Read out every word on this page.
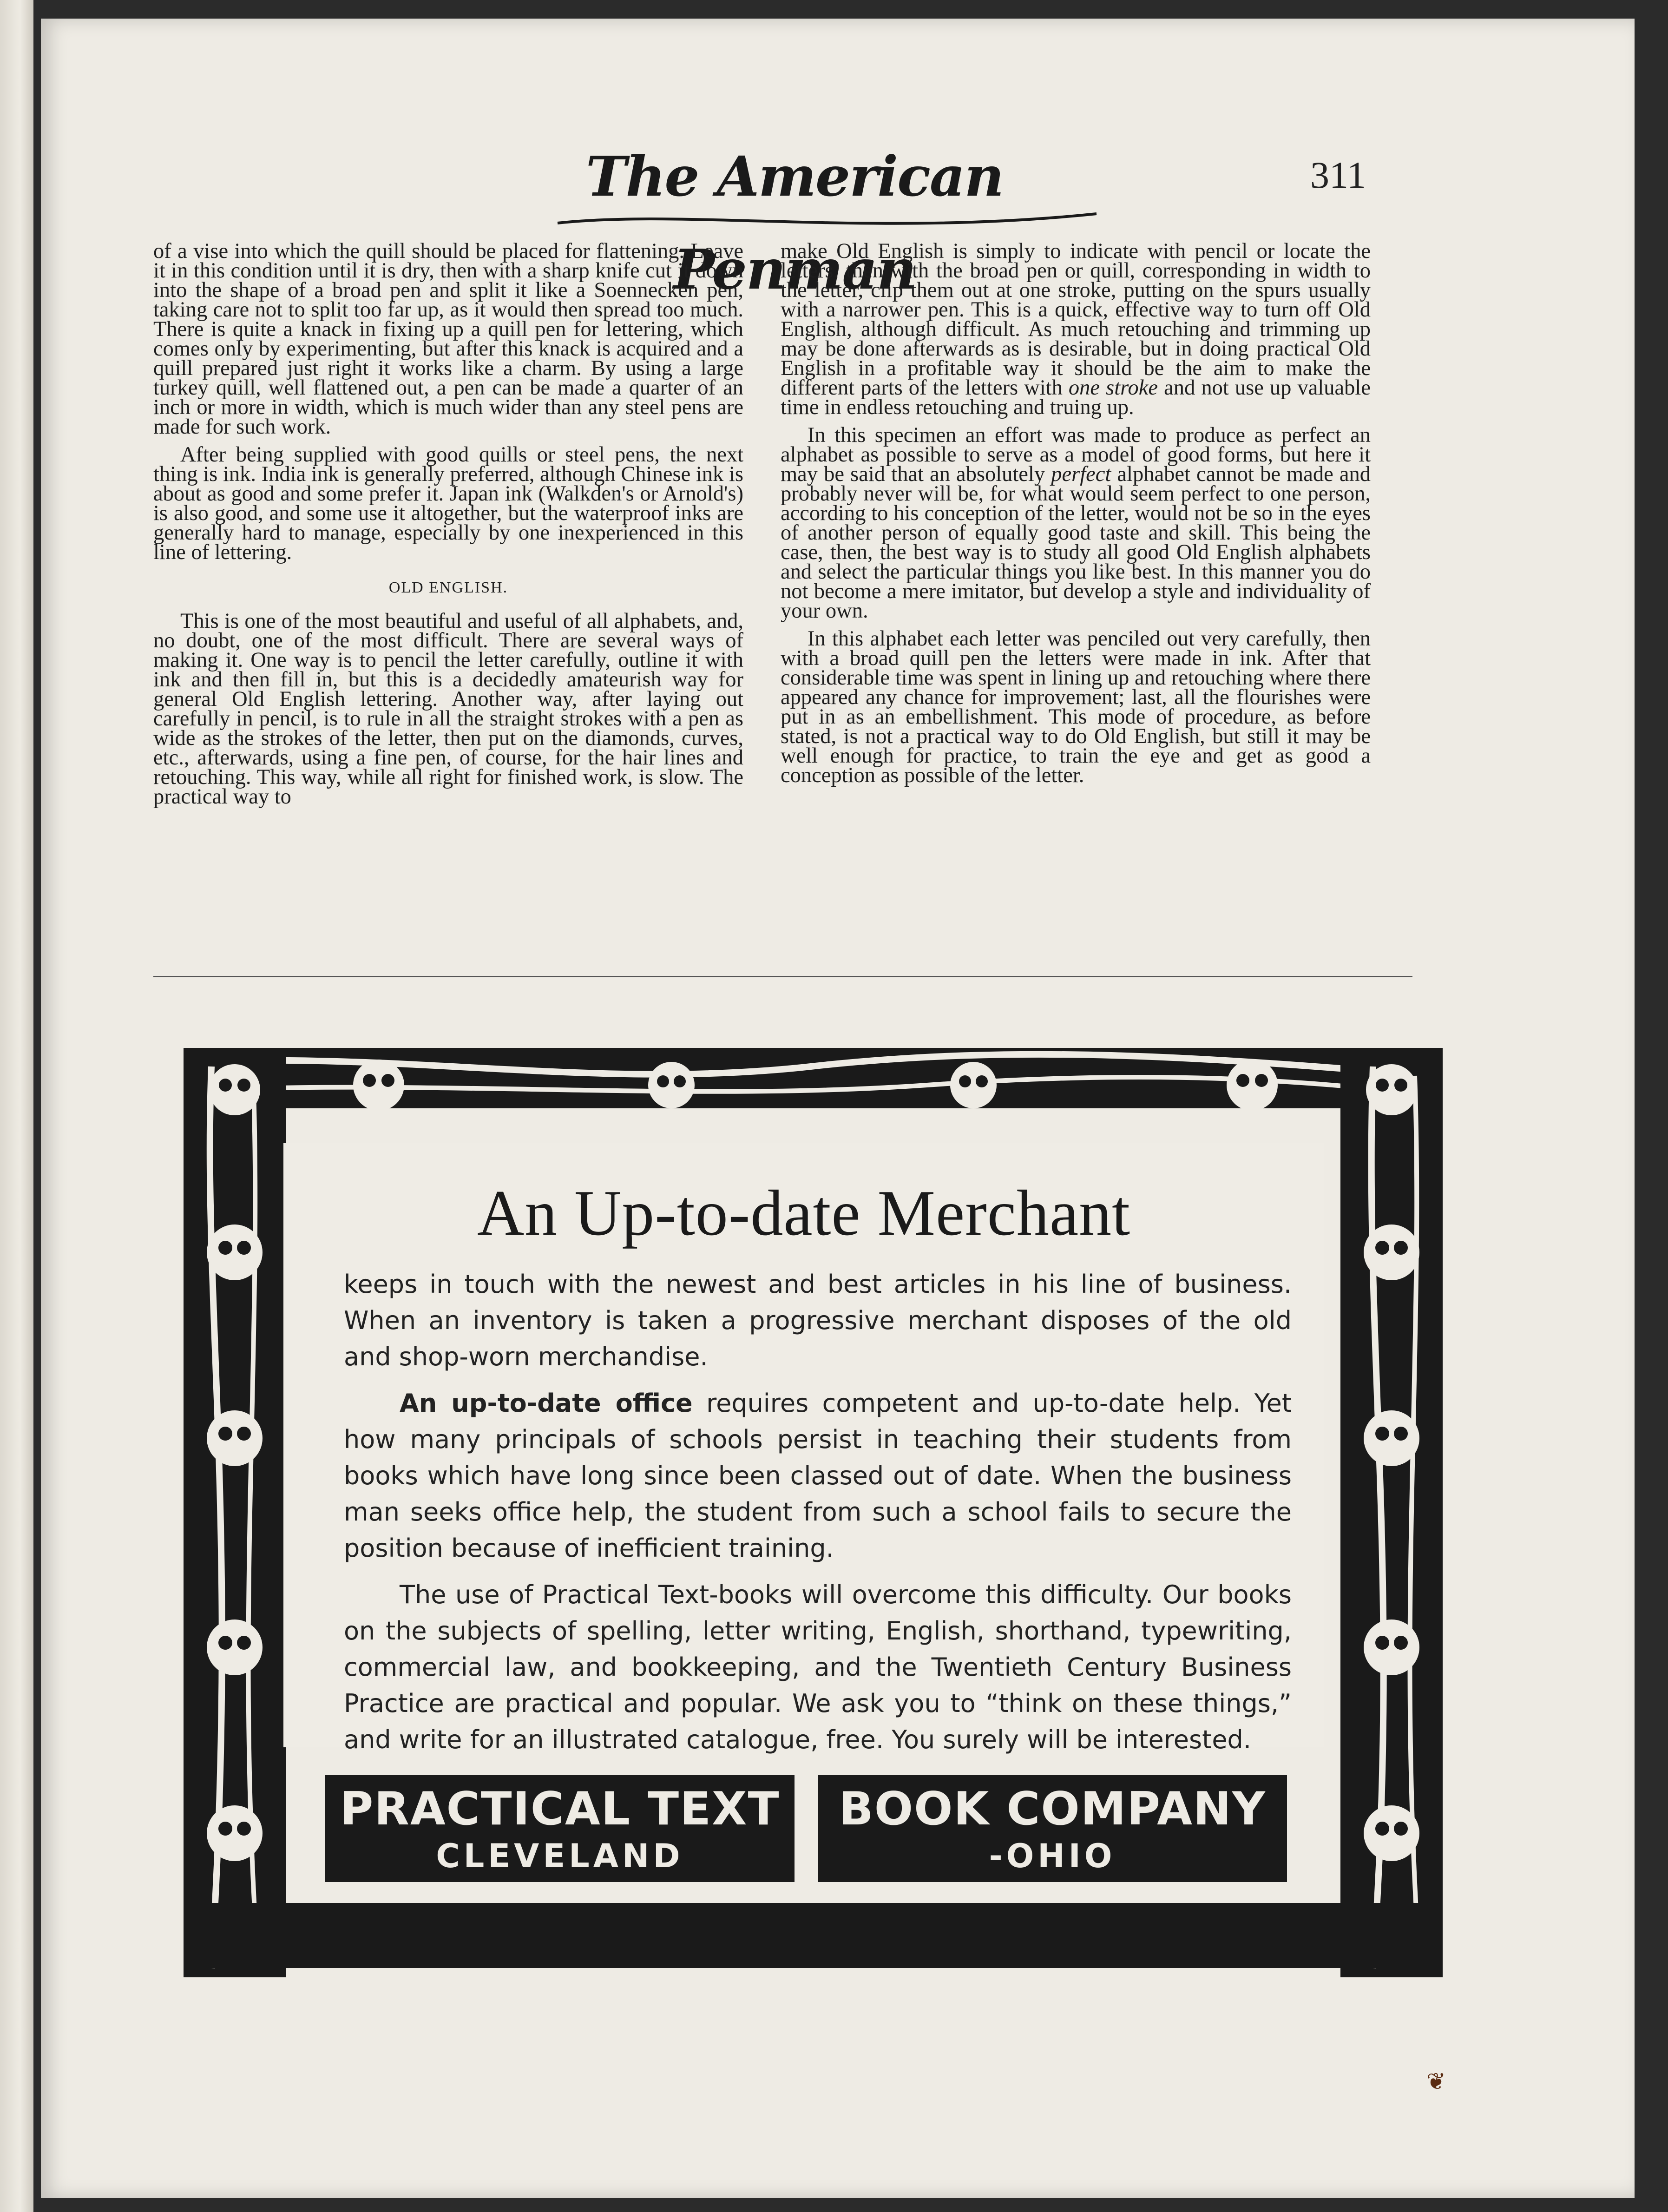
The American Penman
311

of a vise into which the quill should be placed for flattening. Leave it in this condition until it is dry, then with a sharp knife cut it down into the shape of a broad pen and split it like a Soennecken pen, taking care not to split too far up, as it would then spread too much. There is quite a knack in fixing up a quill pen for lettering, which comes only by experimenting, but after this knack is acquired and a quill prepared just right it works like a charm. By using a large turkey quill, well flattened out, a pen can be made a quarter of an inch or more in width, which is much wider than any steel pens are made for such work.

After being supplied with good quills or steel pens, the next thing is ink. India ink is generally preferred, although Chinese ink is about as good and some prefer it. Japan ink (Walkden's or Arnold's) is also good, and some use it altogether, but the waterproof inks are generally hard to manage, especially by one inexperienced in this line of lettering.

OLD ENGLISH.

This is one of the most beautiful and useful of all alphabets, and, no doubt, one of the most difficult. There are several ways of making it. One way is to pencil the letter carefully, outline it with ink and then fill in, but this is a decidedly amateurish way for general Old English lettering. Another way, after laying out carefully in pencil, is to rule in all the straight strokes with a pen as wide as the strokes of the letter, then put on the diamonds, curves, etc., afterwards, using a fine pen, of course, for the hair lines and retouching. This way, while all right for finished work, is slow. The practical way to

make Old English is simply to indicate with pencil or locate the letters, then with the broad pen or quill, corresponding in width to the letter, clip them out at one stroke, putting on the spurs usually with a narrower pen. This is a quick, effective way to turn off Old English, although difficult. As much retouching and trimming up may be done afterwards as is desirable, but in doing practical Old English in a profitable way it should be the aim to make the different parts of the letters with one stroke and not use up valuable time in endless retouching and truing up.

In this specimen an effort was made to produce as perfect an alphabet as possible to serve as a model of good forms, but here it may be said that an absolutely perfect alphabet cannot be made and probably never will be, for what would seem perfect to one person, according to his conception of the letter, would not be so in the eyes of another person of equally good taste and skill. This being the case, then, the best way is to study all good Old English alphabets and select the particular things you like best. In this manner you do not become a mere imitator, but develop a style and individuality of your own.

In this alphabet each letter was penciled out very carefully, then with a broad quill pen the letters were made in ink. After that considerable time was spent in lining up and retouching where there appeared any chance for improvement; last, all the flourishes were put in as an embellishment. This mode of procedure, as before stated, is not a practical way to do Old English, but still it may be well enough for practice, to train the eye and get as good a conception as possible of the letter.

An Up-to-date Merchant

keeps in touch with the newest and best articles in his line of business. When an inventory is taken a progressive merchant disposes of the old and shop-worn merchandise.

An up-to-date office requires competent and up-to-date help. Yet how many principals of schools persist in teaching their students from books which have long since been classed out of date. When the business man seeks office help, the student from such a school fails to secure the position because of inefficient training.

The use of Practical Text-books will overcome this difficulty. Our books on the subjects of spelling, letter writing, English, shorthand, typewriting, commercial law, and bookkeeping, and the Twentieth Century Business Practice are practical and popular. We ask you to “think on these things,” and write for an illustrated catalogue, free. You surely will be interested.

PRACTICAL TEXT
CLEVELAND
BOOK COMPANY
-OHIO
❦
